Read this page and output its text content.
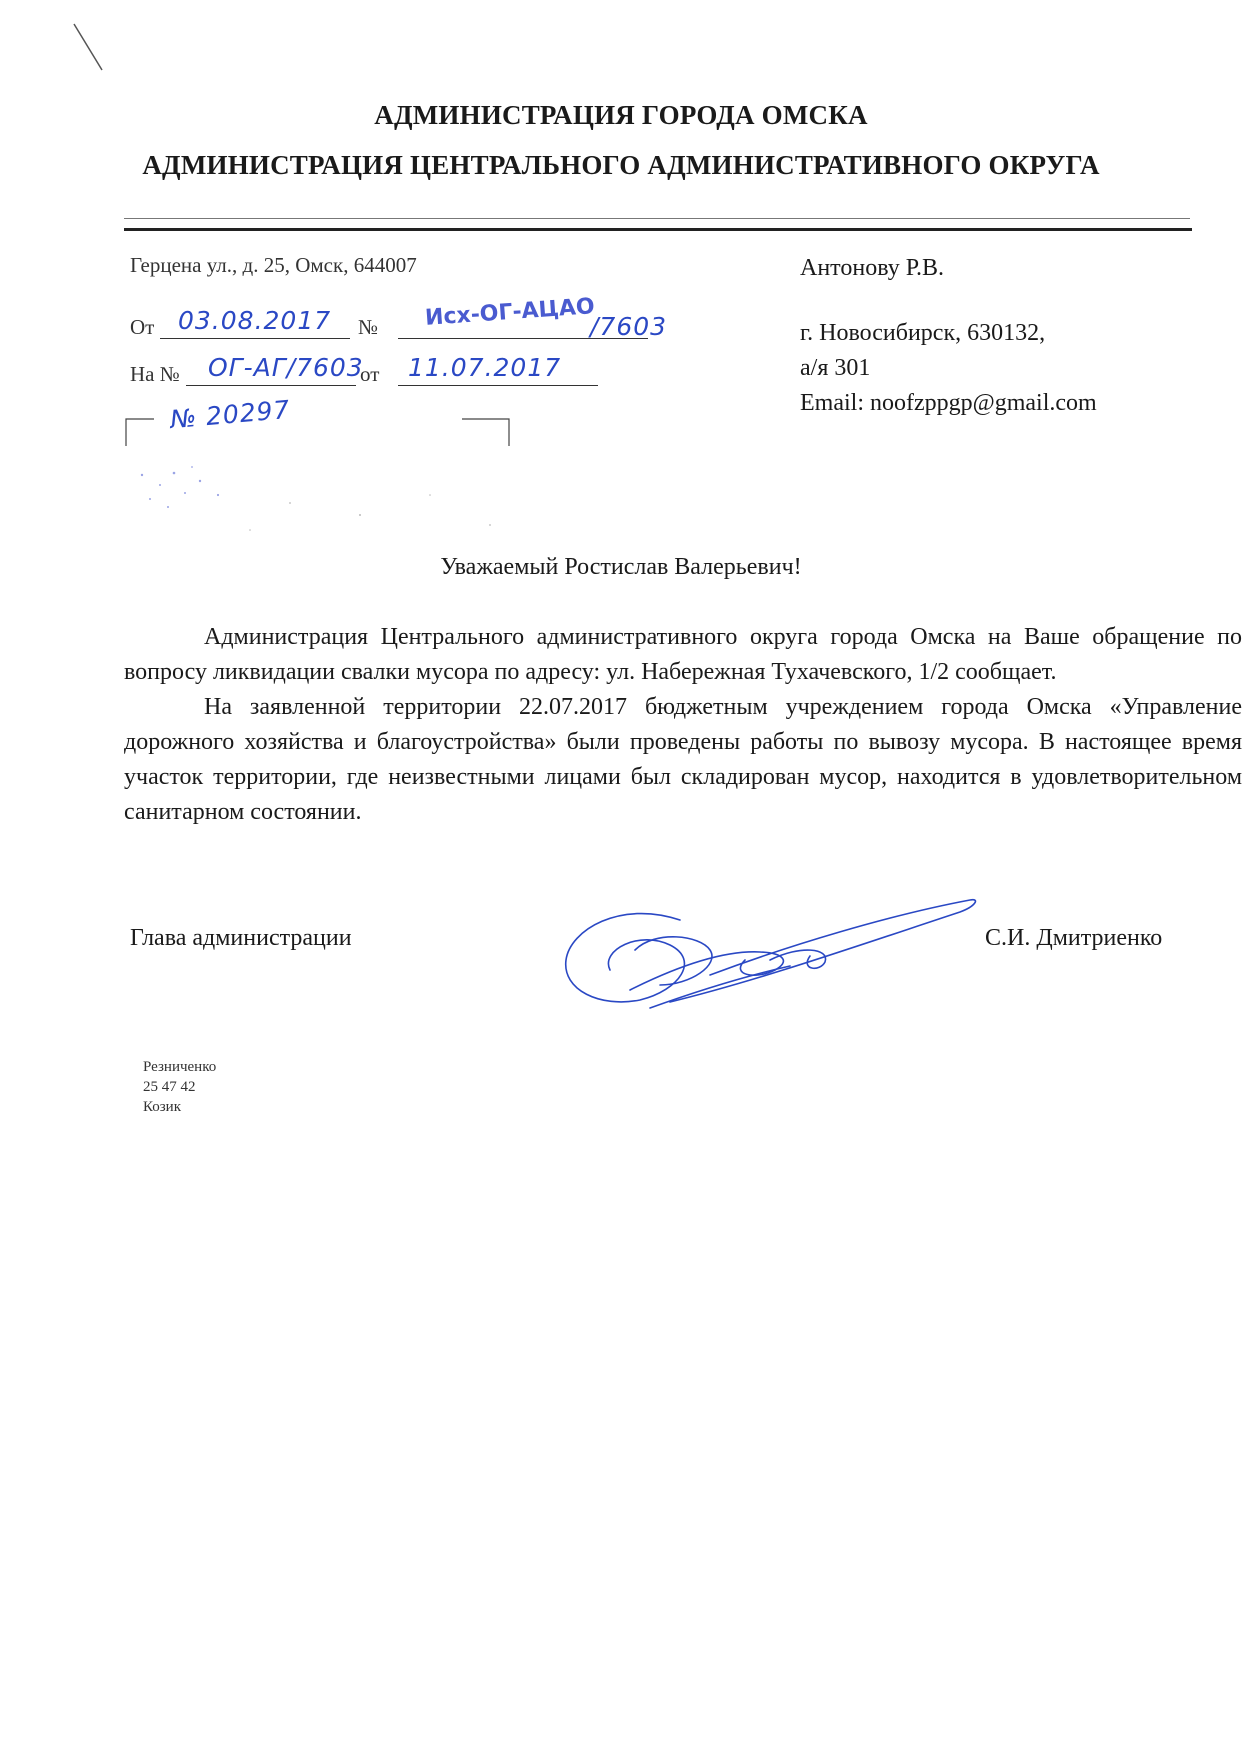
АДМИНИСТРАЦИЯ ГОРОДА ОМСКА
АДМИНИСТРАЦИЯ ЦЕНТРАЛЬНОГО АДМИНИСТРАТИВНОГО ОКРУГА
Герцена ул., д. 25, Омск, 644007
От 03.08.2017 № Исх-ОГ-АЦАО
/7603
На № ОГ-АГ/7603
от 11.07.2017
№ 20297
Антонову Р.В.
г. Новосибирск, 630132,
а/я 301
Email: noofzppgp@gmail.com
Уважаемый Ростислав Валерьевич!

Администрация Центрального административного округа города Омска на Ваше обращение по вопросу ликвидации свалки мусора по адресу: ул. Набережная Тухачевского, 1/2 сообщает.

На заявленной территории 22.07.2017 бюджетным учреждением города Омска «Управление дорожного хозяйства и благоустройства» были проведены работы по вывозу мусора. В настоящее время участок территории, где неизвестными лицами был складирован мусор, находится в удовлетворительном санитарном состоянии.

Глава администрации	С.И. Дмитриенко
Резниченко
25 47 42
Козик
